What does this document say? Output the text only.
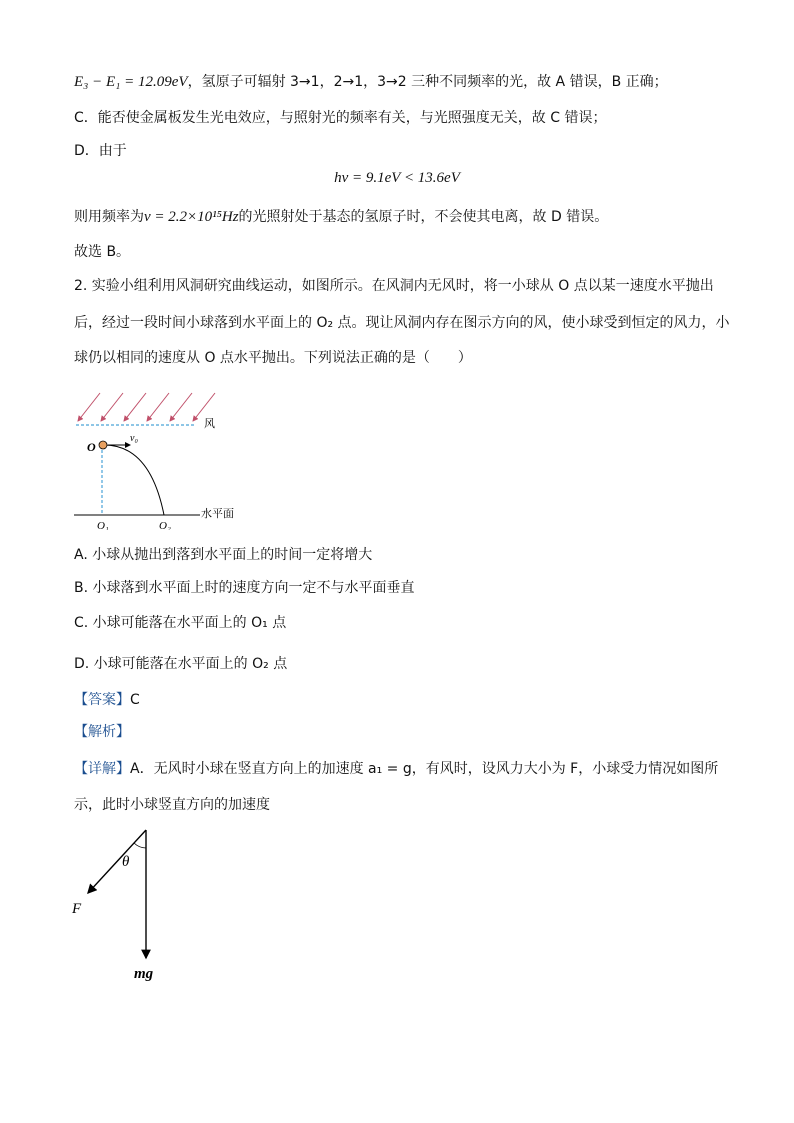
E₃ − E₁ = 12.09eV，氢原子可辐射 3→1，2→1，3→2 三种不同频率的光，故 A 错误，B 正确；
C．能否使金属板发生光电效应，与照射光的频率有关，与光照强度无关，故 C 错误；
D．由于
hν = 9.1eV < 13.6eV
则用频率为ν = 2.2×10¹⁵Hz的光照射处于基态的氢原子时，不会使其电离，故 D 错误。
故选 B。
2. 实验小组利用风洞研究曲线运动，如图所示。在风洞内无风时，将一小球从 O 点以某一速度水平抛出
后，经过一段时间小球落到水平面上的 O₂ 点。现让风洞内存在图示方向的风，使小球受到恒定的风力，小
球仍以相同的速度从 O 点水平抛出。下列说法正确的是（　　）
风
O
v₀
水平面
O₁	O₂
A. 小球从抛出到落到水平面上的时间一定将增大
B. 小球落到水平面上时的速度方向一定不与水平面垂直
C. 小球可能落在水平面上的 O₁ 点
D. 小球可能落在水平面上的 O₂ 点
【答案】C
【解析】
【详解】A．无风时小球在竖直方向上的加速度 a₁ = g，有风时，设风力大小为 F，小球受力情况如图所
示，此时小球竖直方向的加速度
θ
F
mg
